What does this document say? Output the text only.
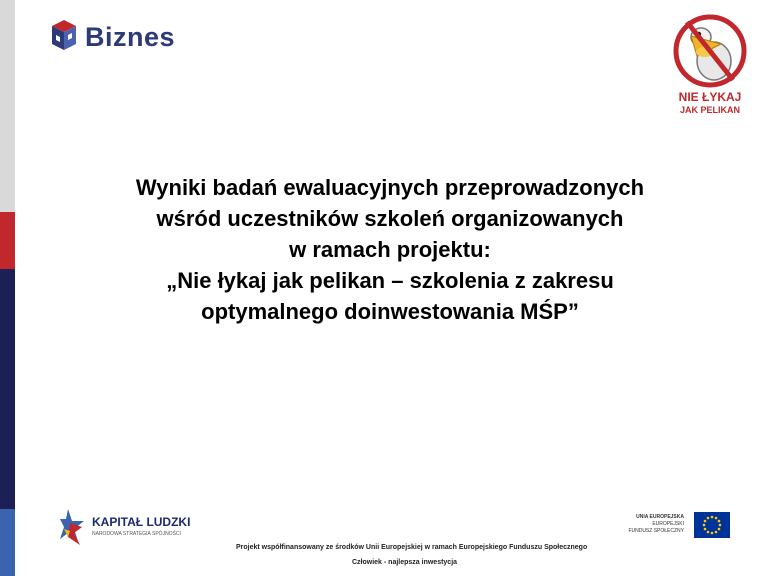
Biznes
NIE ŁYKAJ
JAK PELIKAN
Wyniki badań ewaluacyjnych przeprowadzonych
wśród uczestników szkoleń organizowanych
w ramach projektu:
„Nie łykaj jak pelikan – szkolenia z zakresu
optymalnego doinwestowania MŚP”
KAPITAŁ LUDZKI
NARODOWA STRATEGIA SPÓJNOŚCI
UNIA EUROPEJSKA
EUROPEJSKI
FUNDUSZ SPOŁECZNY
Projekt współfinansowany ze środków Unii Europejskiej w ramach Europejskiego Funduszu Społecznego
Człowiek - najlepsza inwestycja
